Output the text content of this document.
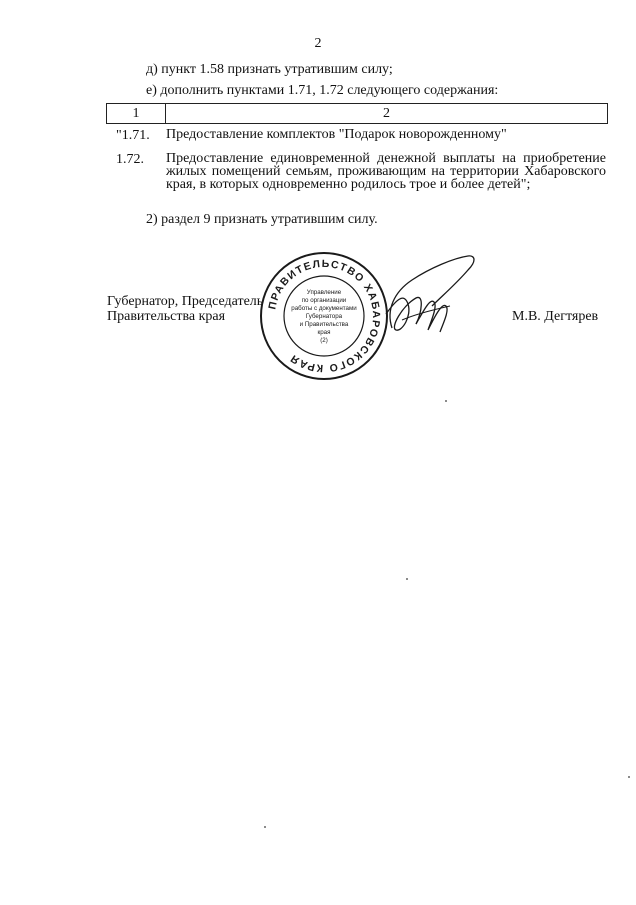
2
д) пункт 1.58 признать утратившим силу;
е) дополнить пунктами 1.71, 1.72 следующего содержания:
1	2
"1.71.	Предоставление комплектов "Подарок новорожденному"
1.72.	Предоставление единовременной денежной выплаты на приобретение жилых помещений семьям, проживающим на территории Хабаровского края, в которых одновременно родилось трое и более детей";
2) раздел 9 признать утратившим силу.
Губернатор, Председатель
Правительства края
ПРАВИТЕЛЬСТВО ХАБАРОВСКОГО КРАЯ
Управление
по организации
работы с документами
Губернатора
и Правительства
края
(2)
М.В. Дегтярев
